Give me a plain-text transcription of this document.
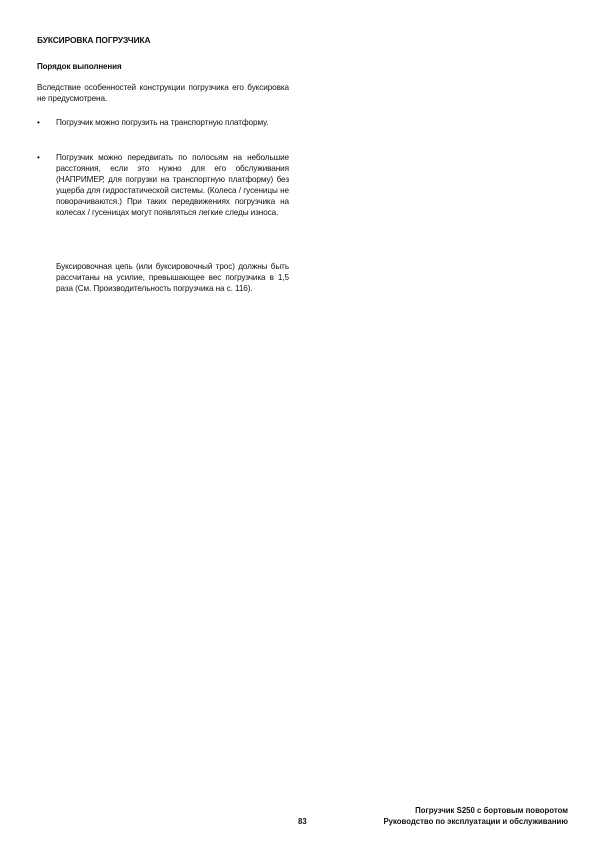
БУКСИРОВКА ПОГРУЗЧИКА
Порядок выполнения
Вследствие особенностей конструкции погрузчика его буксировка не предусмотрена.
• Погрузчик можно погрузить на транспортную платформу.
• Погрузчик можно передвигать по полосьям на небольшие расстояния, если это нужно для его обслуживания (НАПРИМЕР, для погрузки на транспортную платформу) без ущерба для гидростатической системы. (Колеса / гусеницы не поворачиваются.) При таких передвижениях погрузчика на колесах / гусеницах могут появляться легкие следы износа.
Буксировочная цепь (или буксировочный трос) должны быть рассчитаны на усилие, превышающее вес погрузчика в 1,5 раза (См. Производительность погрузчика на с. 116).
Погрузчик S250 с бортовым поворотом
83	Руководство по эксплуатации и обслуживанию
